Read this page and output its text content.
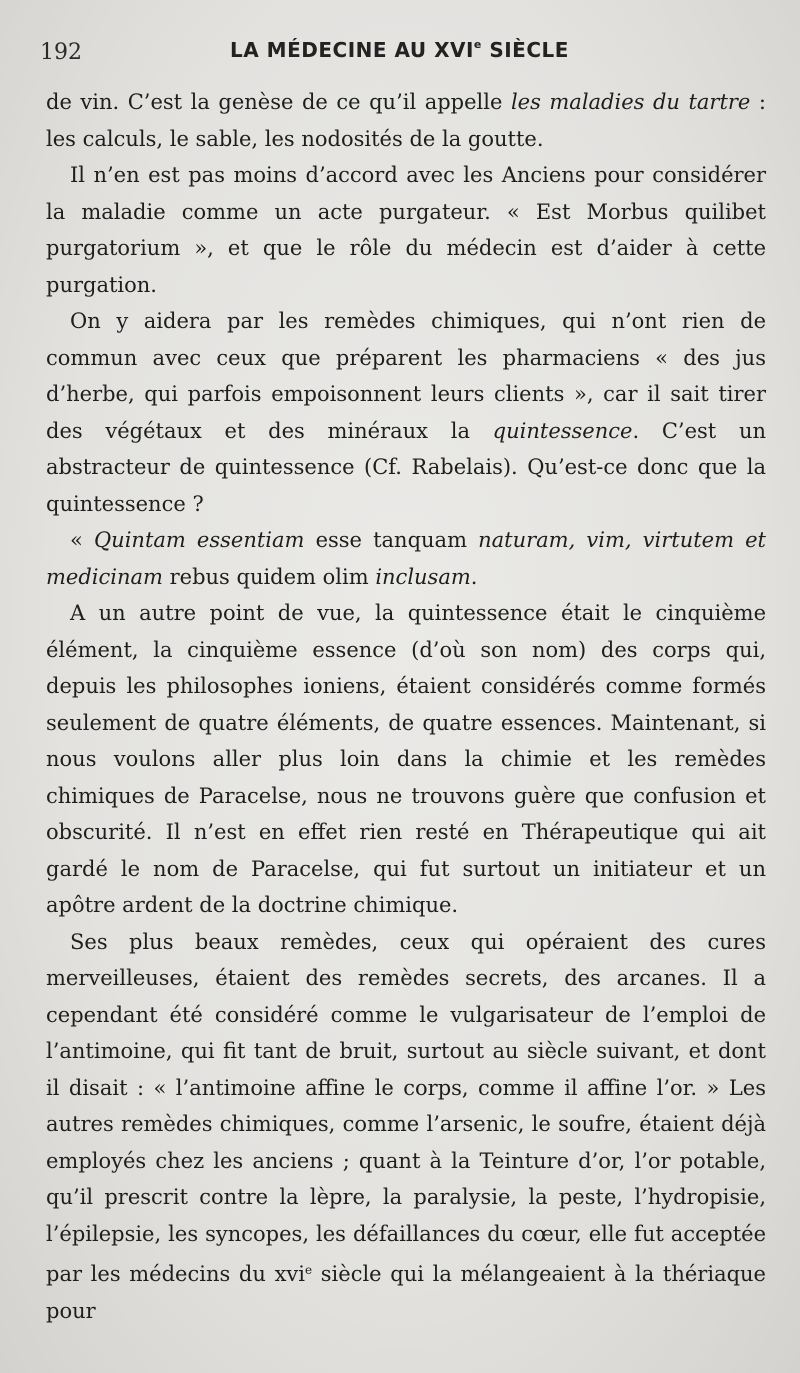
192	LA MÉDECINE AU XVIe SIÈCLE

de vin. C’est la genèse de ce qu’il appelle les maladies du tartre : les calculs, le sable, les nodosités de la goutte.

Il n’en est pas moins d’accord avec les Anciens pour considérer la maladie comme un acte purgateur. « Est Morbus quilibet purgatorium », et que le rôle du médecin est d’aider à cette purgation.

On y aidera par les remèdes chimiques, qui n’ont rien de commun avec ceux que préparent les pharmaciens « des jus d’herbe, qui parfois empoisonnent leurs clients », car il sait tirer des végétaux et des minéraux la quintessence. C’est un abstracteur de quintessence (Cf. Rabelais). Qu’est-ce donc que la quintessence ?

« Quintam essentiam esse tanquam naturam, vim, virtutem et medicinam rebus quidem olim inclusam.

A un autre point de vue, la quintessence était le cinquième élément, la cinquième essence (d’où son nom) des corps qui, depuis les philosophes ioniens, étaient considérés comme formés seulement de quatre éléments, de quatre essences. Maintenant, si nous voulons aller plus loin dans la chimie et les remèdes chimiques de Paracelse, nous ne trouvons guère que confusion et obscurité. Il n’est en effet rien resté en Thérapeutique qui ait gardé le nom de Paracelse, qui fut surtout un initiateur et un apôtre ardent de la doctrine chimique.

Ses plus beaux remèdes, ceux qui opéraient des cures merveilleuses, étaient des remèdes secrets, des arcanes. Il a cependant été considéré comme le vulgarisateur de l’emploi de l’antimoine, qui fit tant de bruit, surtout au siècle suivant, et dont il disait : « l’antimoine affine le corps, comme il affine l’or. » Les autres remèdes chimiques, comme l’arsenic, le soufre, étaient déjà employés chez les anciens ; quant à la Teinture d’or, l’or potable, qu’il prescrit contre la lèpre, la paralysie, la peste, l’hydropisie, l’épilepsie, les syncopes, les défaillances du cœur, elle fut acceptée par les médecins du xvi$^e$ siècle qui la mélangeaient à la thériaque pour
